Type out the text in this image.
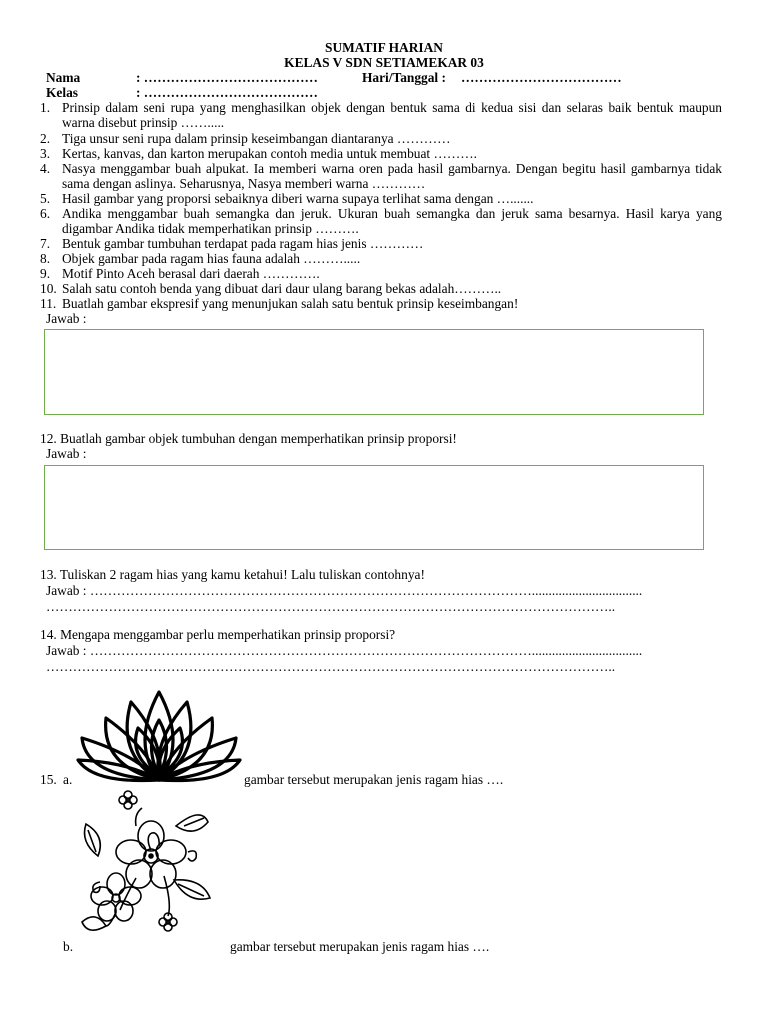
SUMATIF HARIAN
KELAS V SDN SETIAMEKAR 03
Nama	: …………………………………	Hari/Tanggal : ………………………………
Kelas	: …………………………………
1. Prinsip dalam seni rupa yang menghasilkan objek dengan bentuk sama di kedua sisi dan selaras baik bentuk maupun warna disebut prinsip …….....
2. Tiga unsur seni rupa dalam prinsip keseimbangan diantaranya …………
3. Kertas, kanvas, dan karton merupakan contoh media untuk membuat ……….
4. Nasya menggambar buah alpukat. Ia memberi warna oren pada hasil gambarnya. Dengan begitu hasil gambarnya tidak sama dengan aslinya. Seharusnya, Nasya memberi warna …………
5. Hasil gambar yang proporsi sebaiknya diberi warna supaya terlihat sama dengan ….......
6. Andika menggambar buah semangka dan jeruk. Ukuran buah semangka dan jeruk sama besarnya. Hasil karya yang digambar Andika tidak memperhatikan prinsip ……….
7. Bentuk gambar tumbuhan terdapat pada ragam hias jenis …………
8. Objek gambar pada ragam hias fauna adalah ……….....
9. Motif Pinto Aceh berasal dari daerah ………….
10. Salah satu contoh benda yang dibuat dari daur ulang barang bekas adalah………..
11. Buatlah gambar ekspresif yang menunjukan salah satu bentuk prinsip keseimbangan!
Jawab :
12. Buatlah gambar objek tumbuhan dengan memperhatikan prinsip proporsi!
Jawab :
13. Tuliskan 2 ragam hias yang kamu ketahui! Lalu tuliskan contohnya!
Jawab : ……………………………………………………………………………………….................................
………………………………………………………………………………………………………………..
14. Mengapa menggambar perlu memperhatikan prinsip proporsi?
Jawab : ……………………………………………………………………………………….................................
………………………………………………………………………………………………………………..
15. a.	gambar tersebut merupakan jenis ragam hias ….
b.	gambar tersebut merupakan jenis ragam hias ….
